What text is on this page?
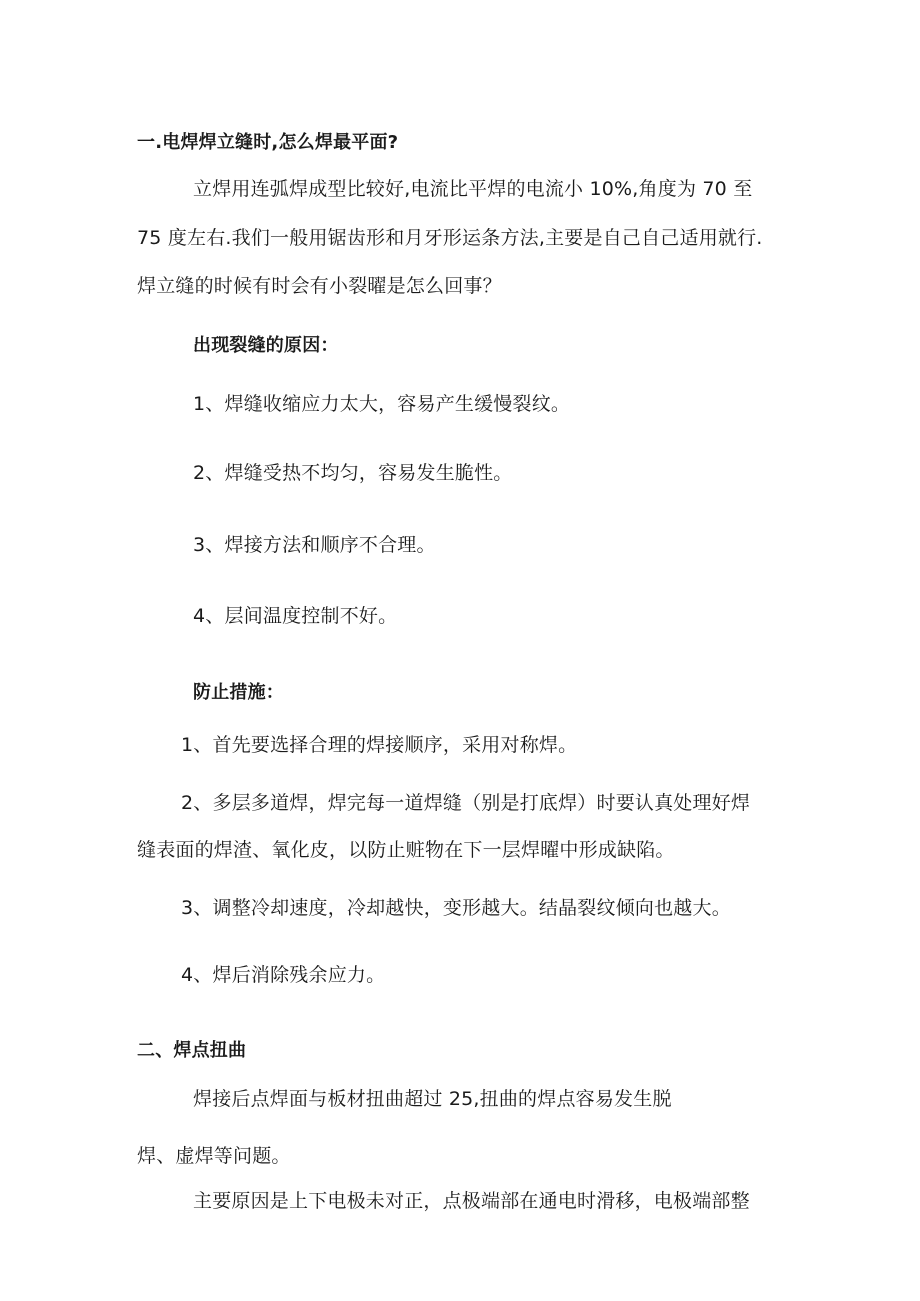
一.电焊焊立缝时,怎么焊最平面?
立焊用连弧焊成型比较好,电流比平焊的电流小 10%,角度为 70 至
75 度左右.我们一般用锯齿形和月牙形运条方法,主要是自己自己适用就行.
焊立缝的时候有时会有小裂曜是怎么回事？
出现裂缝的原因：
1、焊缝收缩应力太大，容易产生缓慢裂纹。
2、焊缝受热不均匀，容易发生脆性。
3、焊接方法和顺序不合理。
4、层间温度控制不好。
防止措施：
1、首先要选择合理的焊接顺序，采用对称焊。
2、多层多道焊，焊完每一道焊缝（别是打底焊）时要认真处理好焊
缝表面的焊渣、氧化皮，以防止赃物在下一层焊曜中形成缺陷。
3、调整冷却速度，冷却越快，变形越大。结晶裂纹倾向也越大。
4、焊后消除残余应力。
二、焊点扭曲
焊接后点焊面与板材扭曲超过 25,扭曲的焊点容易发生脱
焊、虚焊等问题。
主要原因是上下电极未对正，点极端部在通电时滑移，电极端部整
